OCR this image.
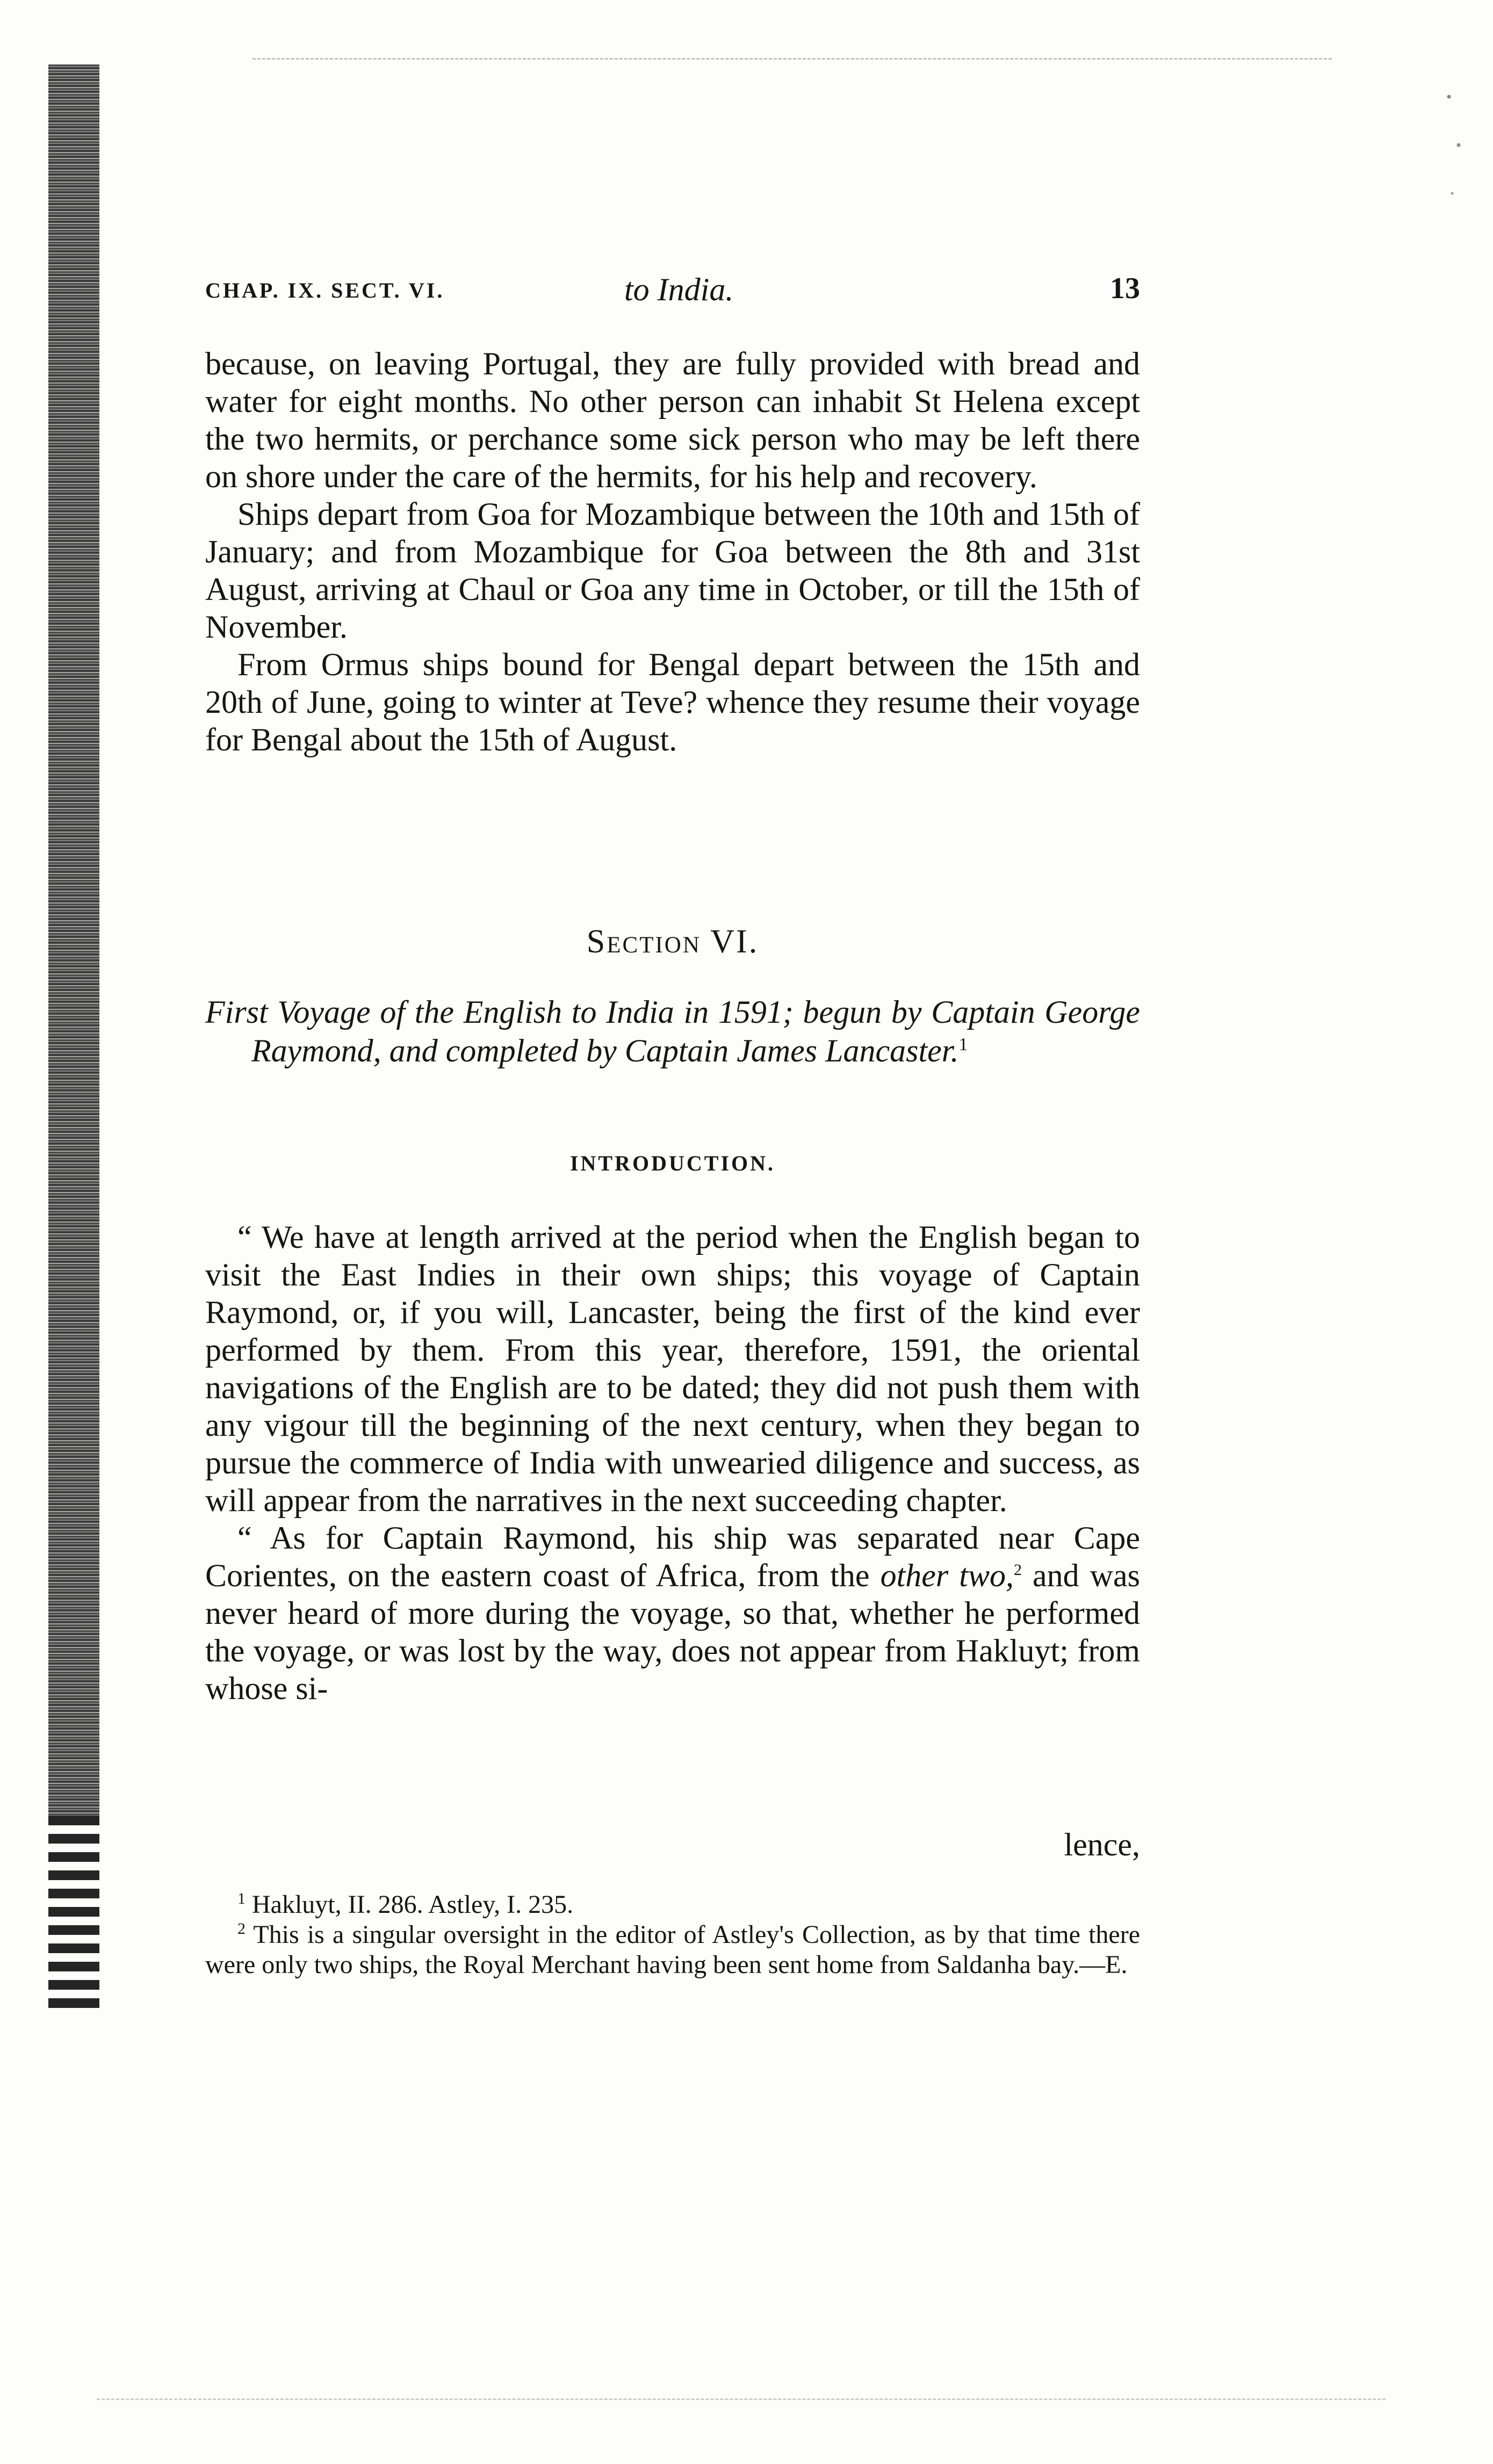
CHAP. IX. SECT. VI.	to India.	13

because, on leaving Portugal, they are fully provided with bread and water for eight months. No other person can inhabit St Helena except the two hermits, or perchance some sick person who may be left there on shore under the care of the hermits, for his help and recovery.

Ships depart from Goa for Mozambique between the 10th and 15th of January; and from Mozambique for Goa between the 8th and 31st August, arriving at Chaul or Goa any time in October, or till the 15th of November.

From Ormus ships bound for Bengal depart between the 15th and 20th of June, going to winter at Teve? whence they resume their voyage for Bengal about the 15th of August.

Section VI.
First Voyage of the English to India in 1591; begun by Captain George Raymond, and completed by Captain James Lancaster.$^1$
INTRODUCTION.

“ We have at length arrived at the period when the English began to visit the East Indies in their own ships; this voyage of Captain Raymond, or, if you will, Lancaster, being the first of the kind ever performed by them. From this year, therefore, 1591, the oriental navigations of the English are to be dated; they did not push them with any vigour till the beginning of the next century, when they began to pursue the commerce of India with unwearied diligence and success, as will appear from the narratives in the next succeeding chapter.

“ As for Captain Raymond, his ship was separated near Cape Corientes, on the eastern coast of Africa, from the other two,$^2$ and was never heard of more during the voyage, so that, whether he performed the voyage, or was lost by the way, does not appear from Hakluyt; from whose si-

lence,

$^1$ Hakluyt, II. 286. Astley, I. 235.

$^2$ This is a singular oversight in the editor of Astley's Collection, as by that time there were only two ships, the Royal Merchant having been sent home from Saldanha bay.—E.
